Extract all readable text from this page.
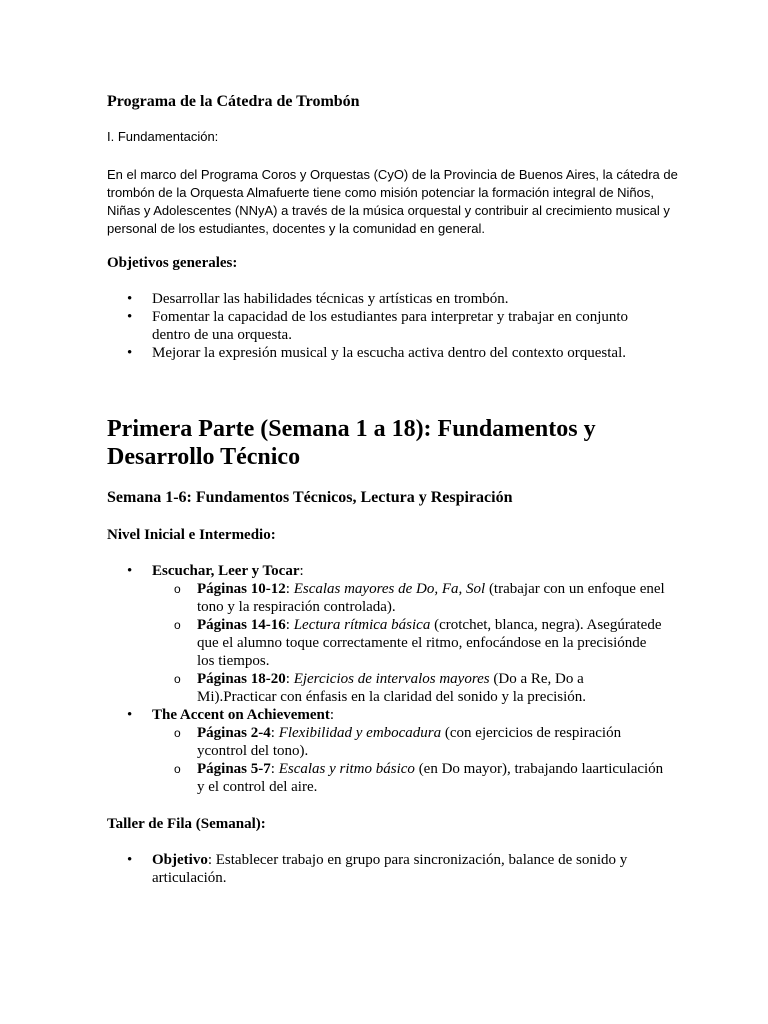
Programa de la Cátedra de Trombón
I. Fundamentación:
En el marco del Programa Coros y Orquestas (CyO) de la Provincia de Buenos Aires, la cátedra de
trombón de la Orquesta Almafuerte tiene como misión potenciar la formación integral de Niños,
Niñas y Adolescentes (NNyA) a través de la música orquestal y contribuir al crecimiento musical y
personal de los estudiantes, docentes y la comunidad en general.
Objetivos generales:
• Desarrollar las habilidades técnicas y artísticas en trombón.
• Fomentar la capacidad de los estudiantes para interpretar y trabajar en conjunto
dentro de una orquesta.
• Mejorar la expresión musical y la escucha activa dentro del contexto orquestal.
Primera Parte (Semana 1 a 18): Fundamentos y
Desarrollo Técnico
Semana 1-6: Fundamentos Técnicos, Lectura y Respiración
Nivel Inicial e Intermedio:
• Escuchar, Leer y Tocar:
o Páginas 10-12: Escalas mayores de Do, Fa, Sol (trabajar con un enfoque enel tono y la respiración controlada).
o Páginas 14-16: Lectura rítmica básica (crotchet, blanca, negra). Asegúratede que el alumno toque correctamente el ritmo, enfocándose en la precisiónde los tiempos.
o Páginas 18-20: Ejercicios de intervalos mayores (Do a Re, Do a Mi).Practicar con énfasis en la claridad del sonido y la precisión.
• The Accent on Achievement:
o Páginas 2-4: Flexibilidad y embocadura (con ejercicios de respiración ycontrol del tono).
o Páginas 5-7: Escalas y ritmo básico (en Do mayor), trabajando laarticulación y el control del aire.
Taller de Fila (Semanal):
• Objetivo: Establecer trabajo en grupo para sincronización, balance de sonido y
articulación.
